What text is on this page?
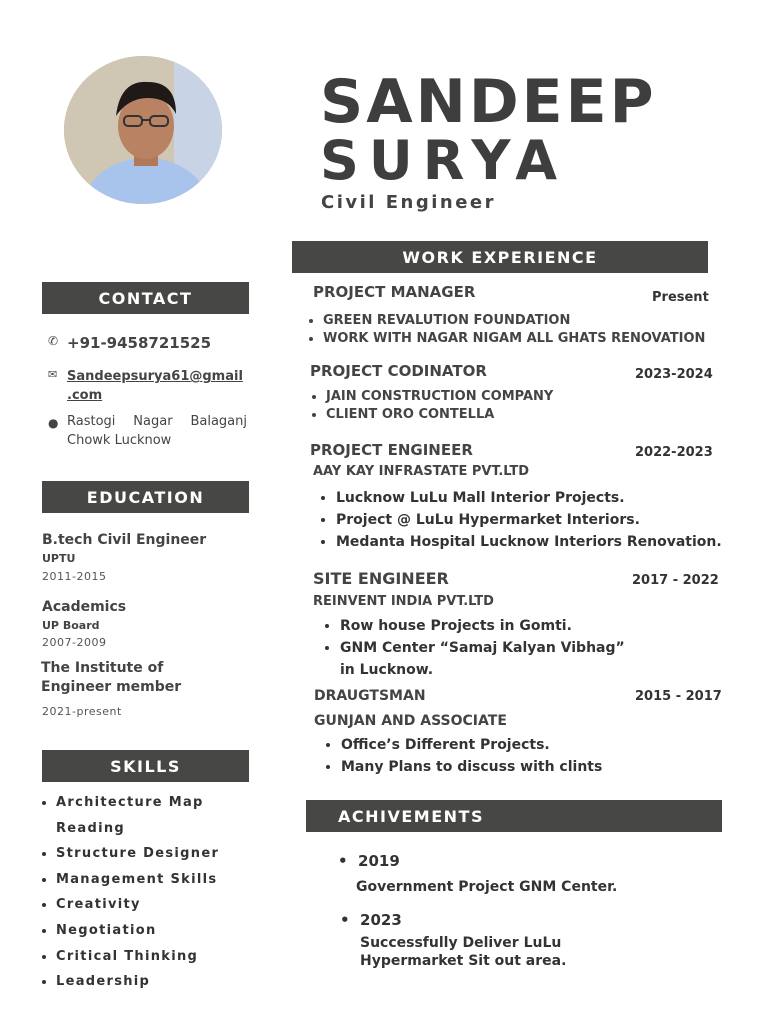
SANDEEP
SURYA
Civil Engineer
CONTACT
✆ +91-9458721525
✉ Sandeepsurya61@gmail
.com
● Rastogi Nagar Balaganj
Chowk Lucknow
EDUCATION
B.tech Civil Engineer
UPTU
2011-2015
Academics
UP Board
2007-2009
The Institute of
Engineer member
2021-present
SKILLS
• Architecture Map
Reading
• Structure Designer
• Management Skills
• Creativity
• Negotiation
• Critical Thinking
• Leadership
WORK EXPERIENCE
PROJECT MANAGER	Present
• GREEN REVALUTION FOUNDATION
• WORK WITH NAGAR NIGAM ALL GHATS RENOVATION
PROJECT CODINATOR	2023-2024
• JAIN CONSTRUCTION COMPANY
• CLIENT ORO CONTELLA
PROJECT ENGINEER	2022-2023
AAY KAY INFRASTATE PVT.LTD
• Lucknow LuLu Mall Interior Projects.
• Project @ LuLu Hypermarket Interiors.
• Medanta Hospital Lucknow Interiors Renovation.
SITE ENGINEER	2017 - 2022
REINVENT INDIA PVT.LTD
• Row house Projects in Gomti.
• GNM Center “Samaj Kalyan Vibhag”
in Lucknow.
DRAUGTSMAN	2015 - 2017
GUNJAN AND ASSOCIATE
• Office’s Different Projects.
• Many Plans to discuss with clints
ACHIVEMENTS
•  2019
Government Project GNM Center.
•  2023
Successfully Deliver LuLu
Hypermarket Sit out area.
